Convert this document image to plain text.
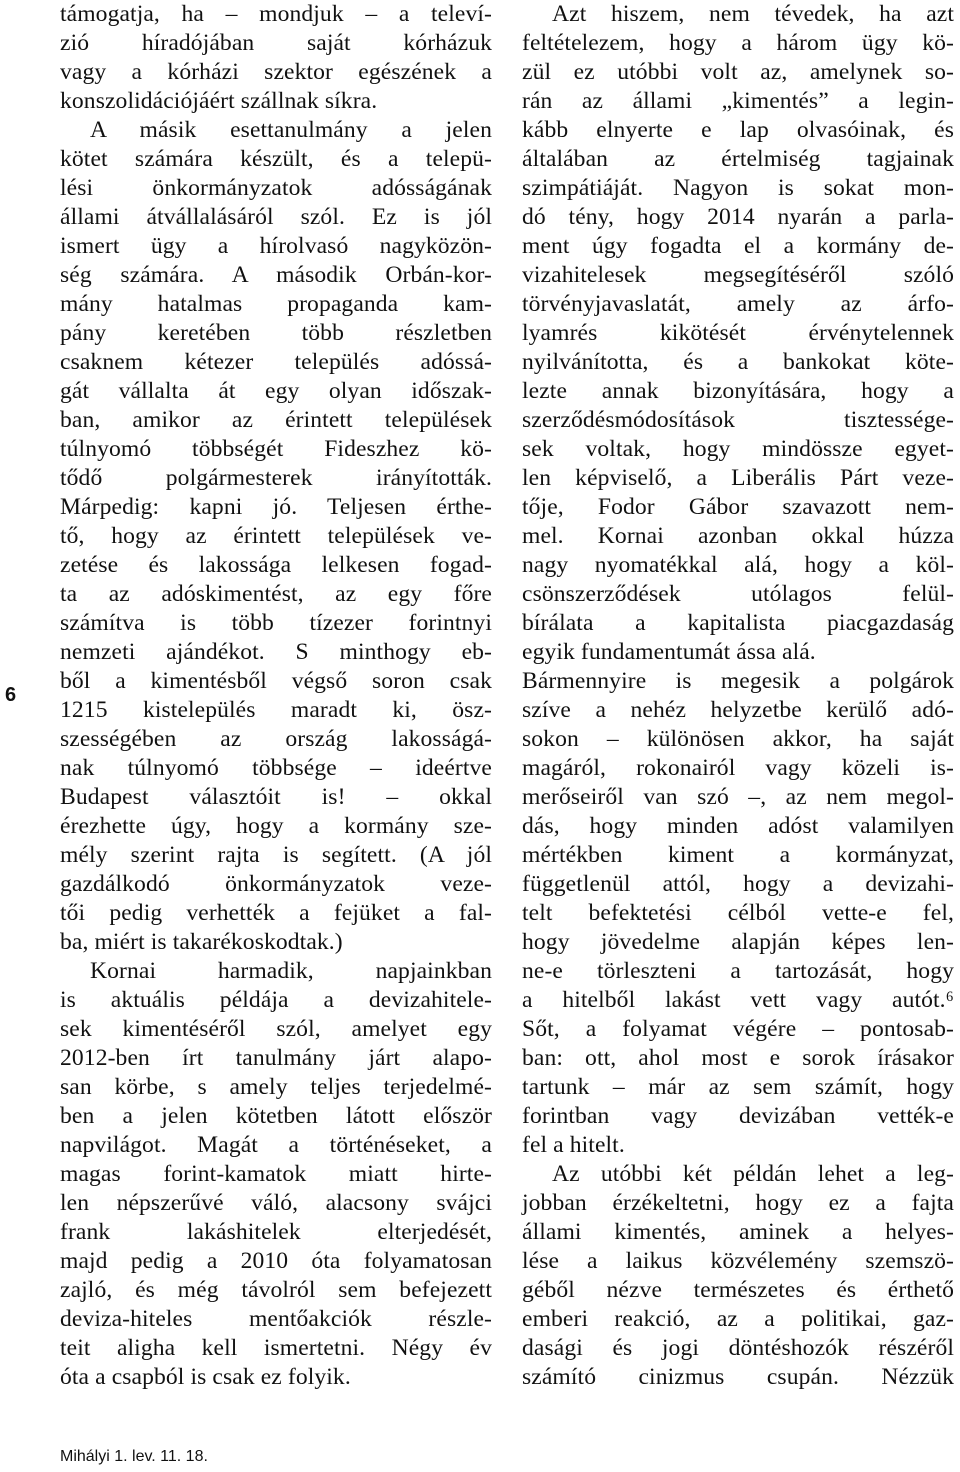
6
támogatja, ha – mondjuk – a televí-
zió híradójában saját kórházuk
vagy a kórházi szektor egészének a
konszolidációjáért szállnak síkra.
A másik esettanulmány a jelen
kötet számára készült, és a telepü-
lési önkormányzatok adósságának
állami átvállalásáról szól. Ez is jól
ismert ügy a hírolvasó nagyközön-
ség számára. A második Orbán-kor-
mány hatalmas propaganda kam-
pány keretében több részletben
csaknem kétezer település adóssá-
gát vállalta át egy olyan időszak-
ban, amikor az érintett települések
túlnyomó többségét Fideszhez kö-
tődő polgármesterek irányították.
Márpedig: kapni jó. Teljesen érthe-
tő, hogy az érintett települések ve-
zetése és lakossága lelkesen fogad-
ta az adóskimentést, az egy főre
számítva is több tízezer forintnyi
nemzeti ajándékot. S minthogy eb-
ből a kimentésből végső soron csak
1215 kistelepülés maradt ki, ösz-
szességében az ország lakosságá-
nak túlnyomó többsége – ideértve
Budapest választóit is! – okkal
érezhette úgy, hogy a kormány sze-
mély szerint rajta is segített. (A jól
gazdálkodó önkormányzatok veze-
tői pedig verhették a fejüket a fal-
ba, miért is takarékoskodtak.)
Kornai harmadik, napjainkban
is aktuális példája a devizahitele-
sek kimentéséről szól, amelyet egy
2012-ben írt tanulmány járt alapo-
san körbe, s amely teljes terjedelmé-
ben a jelen kötetben látott először
napvilágot. Magát a történéseket, a
magas forint-kamatok miatt hirte-
len népszerűvé váló, alacsony svájci
frank lakáshitelek elterjedését,
majd pedig a 2010 óta folyamatosan
zajló, és még távolról sem befejezett
deviza-hiteles mentőakciók részle-
teit aligha kell ismertetni. Négy év
óta a csapból is csak ez folyik.
Azt hiszem, nem tévedek, ha azt
feltételezem, hogy a három ügy kö-
zül ez utóbbi volt az, amelynek so-
rán az állami „kimentés” a legin-
kább elnyerte e lap olvasóinak, és
általában az értelmiség tagjainak
szimpátiáját. Nagyon is sokat mon-
dó tény, hogy 2014 nyarán a parla-
ment úgy fogadta el a kormány de-
vizahitelesek megsegítéséről szóló
törvényjavaslatát, amely az árfo-
lyamrés kikötését érvénytelennek
nyilvánította, és a bankokat köte-
lezte annak bizonyítására, hogy a
szerződésmódosítások tisztessége-
sek voltak, hogy mindössze egyet-
len képviselő, a Liberális Párt veze-
tője, Fodor Gábor szavazott nem-
mel. Kornai azonban okkal húzza
nagy nyomatékkal alá, hogy a köl-
csönszerződések utólagos felül-
bírálata a kapitalista piacgazdaság
egyik fundamentumát ássa alá.
Bármennyire is megesik a polgárok
szíve a nehéz helyzetbe kerülő adó-
sokon – különösen akkor, ha saját
magáról, rokonairól vagy közeli is-
merőseiről van szó –, az nem megol-
dás, hogy minden adóst valamilyen
mértékben kiment a kormányzat,
függetlenül attól, hogy a devizahi-
telt befektetési célból vette-e fel,
hogy jövedelme alapján képes len-
ne-e törleszteni a tartozását, hogy
a hitelből lakást vett vagy autót.⁶
Sőt, a folyamat végére – pontosab-
ban: ott, ahol most e sorok írásakor
tartunk – már az sem számít, hogy
forintban vagy devizában vették-e
fel a hitelt.
Az utóbbi két példán lehet a leg-
jobban érzékeltetni, hogy ez a fajta
állami kimentés, aminek a helyes-
lése a laikus közvélemény szemszö-
géből nézve természetes és érthető
emberi reakció, az a politikai, gaz-
dasági és jogi döntéshozók részéről
számító cinizmus csupán. Nézzük
Mihályi 1. lev. 11. 18.
